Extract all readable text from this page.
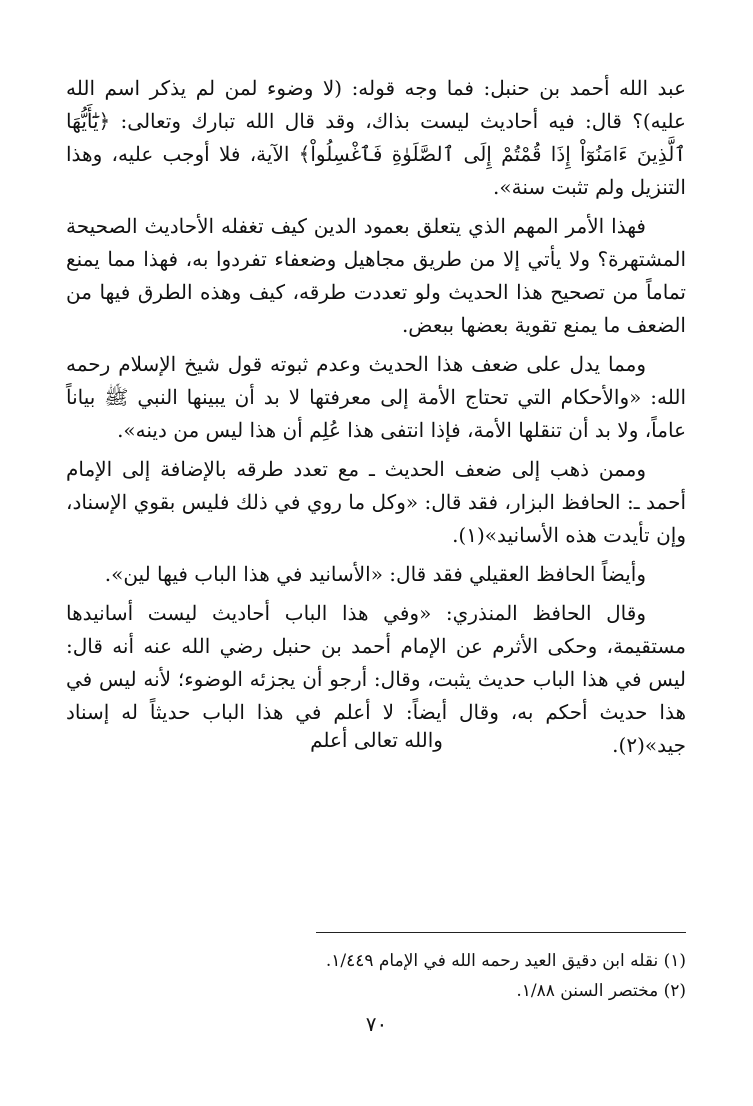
عبد الله أحمد بن حنبل: فما وجه قوله: (لا وضوء لمن لم يذكر اسم الله عليه)؟ قال: فيه أحاديث ليست بذاك، وقد قال الله تبارك وتعالى: ﴿يَٰٓأَيُّهَا ٱلَّذِينَ ءَامَنُوٓاْ إِذَا قُمْتُمْ إِلَى ٱلصَّلَوٰةِ فَٱغْسِلُواْ﴾ الآية، فلا أوجب عليه، وهذا التنزيل ولم تثبت سنة».

فهذا الأمر المهم الذي يتعلق بعمود الدين كيف تغفله الأحاديث الصحيحة المشتهرة؟ ولا يأتي إلا من طريق مجاهيل وضعفاء تفردوا به، فهذا مما يمنع تماماً من تصحيح هذا الحديث ولو تعددت طرقه، كيف وهذه الطرق فيها من الضعف ما يمنع تقوية بعضها ببعض.

ومما يدل على ضعف هذا الحديث وعدم ثبوته قول شيخ الإسلام رحمه الله: «والأحكام التي تحتاج الأمة إلى معرفتها لا بد أن يبينها النبي ﷺ بياناً عاماً، ولا بد أن تنقلها الأمة، فإذا انتفى هذا عُلِم أن هذا ليس من دينه».

وممن ذهب إلى ضعف الحديث ـ مع تعدد طرقه بالإضافة إلى الإمام أحمد ـ: الحافظ البزار، فقد قال: «وكل ما روي في ذلك فليس بقوي الإسناد، وإن تأيدت هذه الأسانيد»(١).

وأيضاً الحافظ العقيلي فقد قال: «الأسانيد في هذا الباب فيها لين».

وقال الحافظ المنذري: «وفي هذا الباب أحاديث ليست أسانيدها مستقيمة، وحكى الأثرم عن الإمام أحمد بن حنبل رضي الله عنه أنه قال: ليس في هذا الباب حديث يثبت، وقال: أرجو أن يجزئه الوضوء؛ لأنه ليس في هذا حديث أحكم به، وقال أيضاً: لا أعلم في هذا الباب حديثاً له إسناد جيد»(٢).

والله تعالى أعلم
(١) نقله ابن دقيق العيد رحمه الله في الإمام ١/٤٤٩.
(٢) مختصر السنن ١/٨٨.
٧٠
